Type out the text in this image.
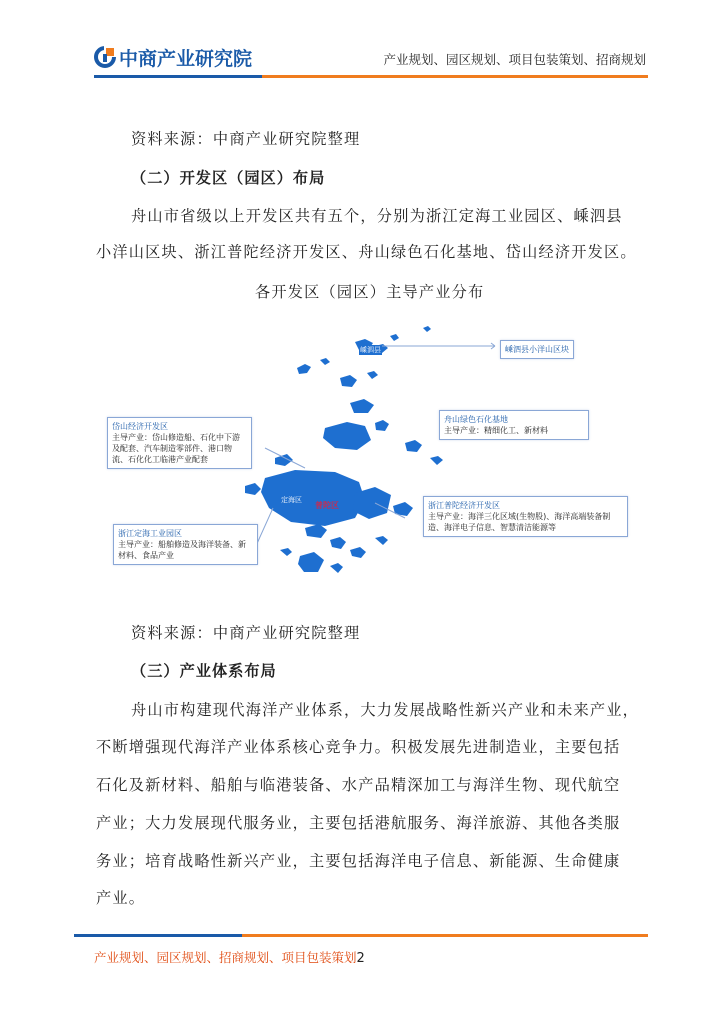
中商产业研究院	产业规划、园区规划、项目包装策划、招商规划
资料来源：中商产业研究院整理
（二）开发区（园区）布局
舟山市省级以上开发区共有五个，分别为浙江定海工业园区、嵊泗县
小洋山区块、浙江普陀经济开发区、舟山绿色石化基地、岱山经济开发区。
各开发区（园区）主导产业分布
嵊泗县
岱山县
定海区
普陀区
嵊泗县小洋山区块
舟山绿色石化基地
主导产业：精细化工、新材料
岱山经济开发区
主导产业：岱山修造船、石化中下游及配套、汽车制造零部件、港口物流、石化化工临港产业配套
浙江普陀经济开发区
主导产业：海洋三化区域(生物股)、海洋高端装备制造、海洋电子信息、智慧清洁能源等
浙江定海工业园区
主导产业：船舶修造及海洋装备、新材料、食品产业
资料来源：中商产业研究院整理
（三）产业体系布局
舟山市构建现代海洋产业体系，大力发展战略性新兴产业和未来产业，
不断增强现代海洋产业体系核心竞争力。积极发展先进制造业，主要包括
石化及新材料、船舶与临港装备、水产品精深加工与海洋生物、现代航空
产业；大力发展现代服务业，主要包括港航服务、海洋旅游、其他各类服
务业；培育战略性新兴产业，主要包括海洋电子信息、新能源、生命健康
产业。
产业规划、园区规划、招商规划、项目包装策划2
